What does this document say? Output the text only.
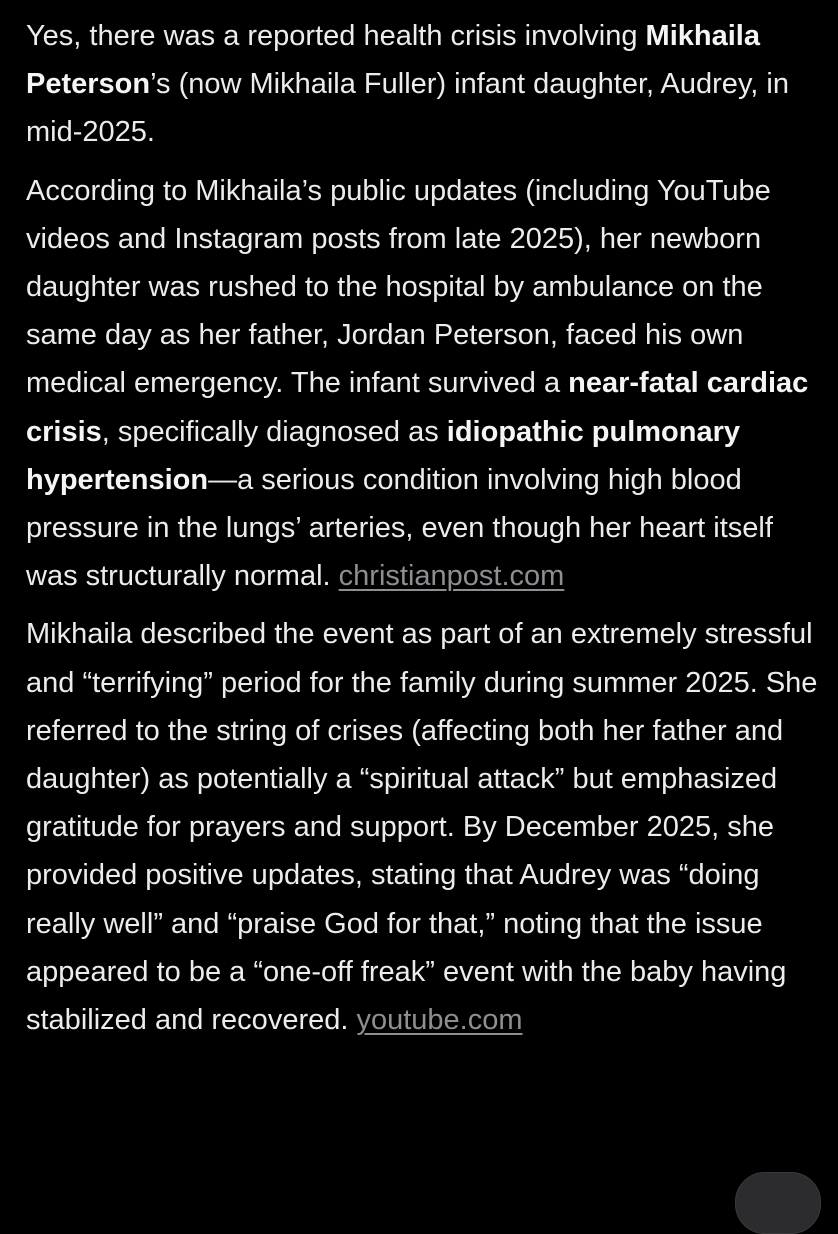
Yes, there was a reported health crisis involving Mikhaila Peterson’s (now Mikhaila Fuller) infant daughter, Audrey, in mid-2025.

According to Mikhaila’s public updates (including YouTube videos and Instagram posts from late 2025), her newborn daughter was rushed to the hospital by ambulance on the same day as her father, Jordan Peterson, faced his own medical emergency. The infant survived a near-fatal cardiac crisis, specifically diagnosed as idiopathic pulmonary hypertension—a serious condition involving high blood pressure in the lungs’ arteries, even though her heart itself was structurally normal. christianpost.com

Mikhaila described the event as part of an extremely stressful and “terrifying” period for the family during summer 2025. She referred to the string of crises (affecting both her father and daughter) as potentially a “spiritual attack” but emphasized gratitude for prayers and support. By December 2025, she provided positive updates, stating that Audrey was “doing really well” and “praise God for that,” noting that the issue appeared to be a “one-off freak” event with the baby having stabilized and recovered. youtube.com
